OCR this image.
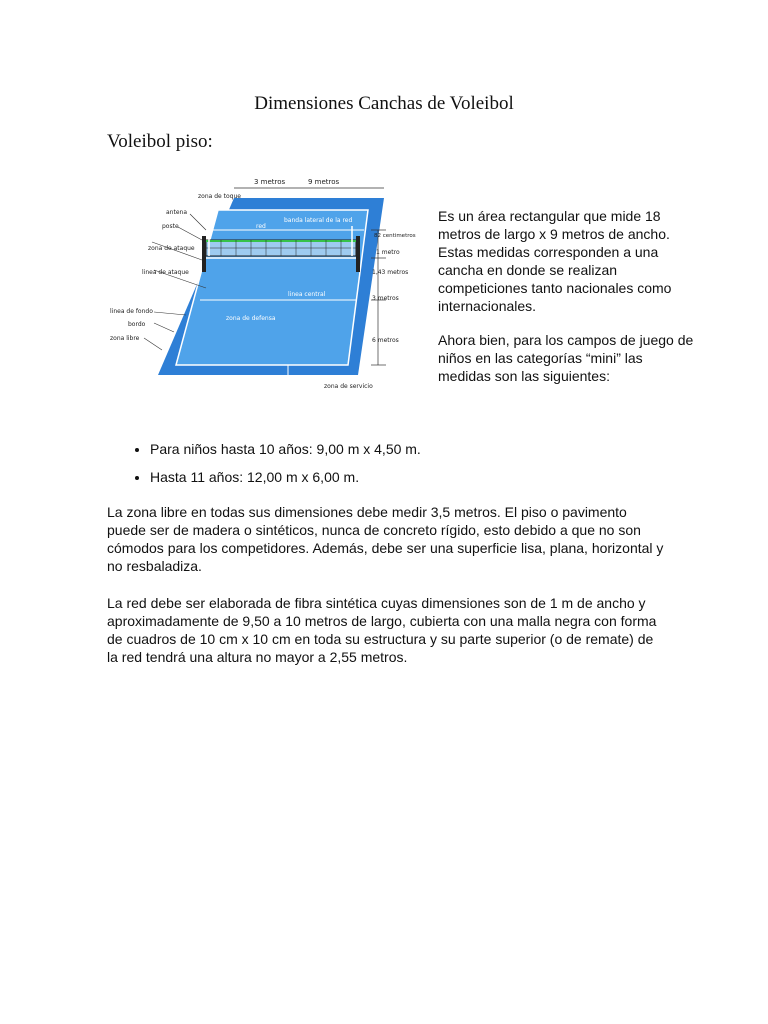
Dimensiones Canchas de Voleibol
Voleibol piso:
3 metros	9 metros
zona de toque
antena
red
banda lateral de la red
poste
zona de ataque
linea de ataque
linea de fondo
bordo
zona libre
82 centimetros
1 metro
1,43 metros
3 metros
6 metros
linea central
zona de defensa
zona de servicio

Es un área rectangular que mide 18 metros de largo x 9 metros de ancho. Estas medidas corresponden a una cancha en donde se realizan competiciones tanto nacionales como internacionales.

Ahora bien, para los campos de juego de niños en las categorías “mini” las medidas son las siguientes:

• Para niños hasta 10 años: 9,00 m x 4,50 m.
• Hasta 11 años: 12,00 m x 6,00 m.

La zona libre en todas sus dimensiones debe medir 3,5 metros. El piso o pavimento puede ser de madera o sintéticos, nunca de concreto rígido, esto debido a que no son cómodos para los competidores. Además, debe ser una superficie lisa, plana, horizontal y no resbaladiza.

La red debe ser elaborada de fibra sintética cuyas dimensiones son de 1 m de ancho y aproximadamente de 9,50 a 10 metros de largo, cubierta con una malla negra con forma de cuadros de 10 cm x 10 cm en toda su estructura y su parte superior (o de remate) de la red tendrá una altura no mayor a 2,55 metros.
